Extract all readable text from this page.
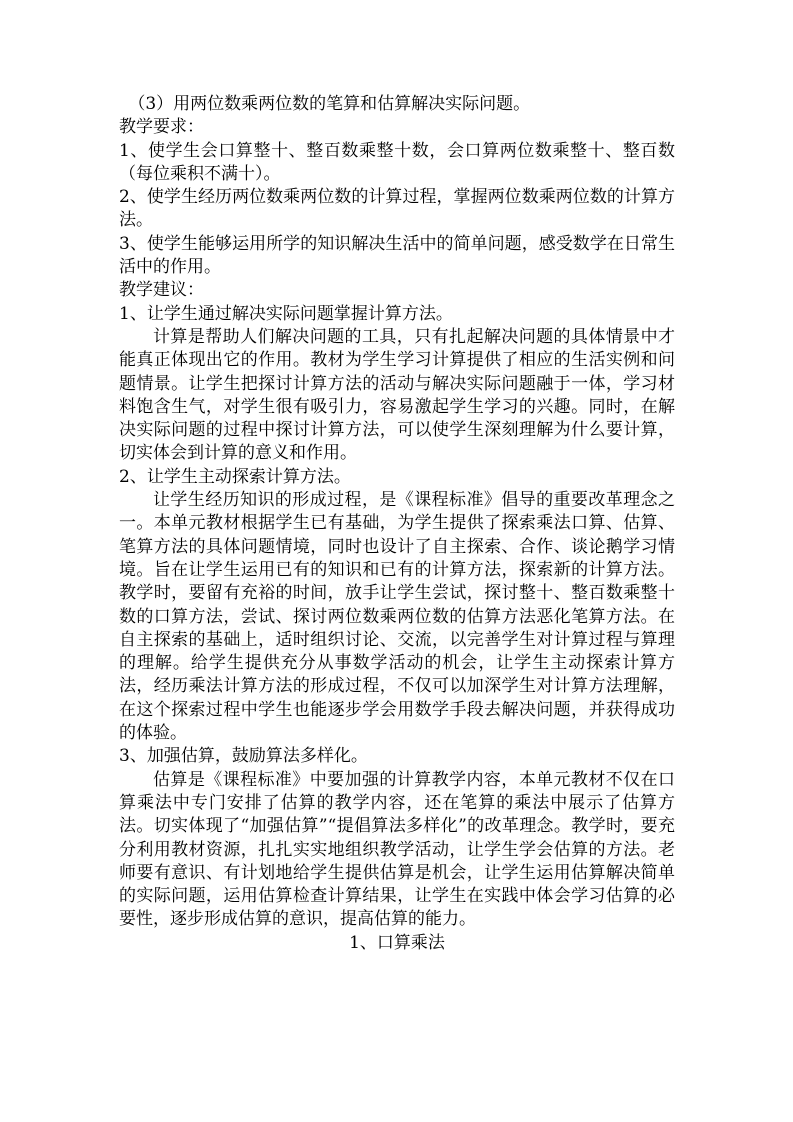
（3）用两位数乘两位数的笔算和估算解决实际问题。

教学要求：

1、使学生会口算整十、整百数乘整十数，会口算两位数乘整十、整百数（每位乘积不满十）。

2、使学生经历两位数乘两位数的计算过程，掌握两位数乘两位数的计算方法。

3、使学生能够运用所学的知识解决生活中的简单问题，感受数学在日常生活中的作用。

教学建议：

1、让学生通过解决实际问题掌握计算方法。

计算是帮助人们解决问题的工具，只有扎起解决问题的具体情景中才能真正体现出它的作用。教材为学生学习计算提供了相应的生活实例和问题情景。让学生把探讨计算方法的活动与解决实际问题融于一体，学习材料饱含生气，对学生很有吸引力，容易激起学生学习的兴趣。同时，在解决实际问题的过程中探讨计算方法，可以使学生深刻理解为什么要计算，切实体会到计算的意义和作用。

2、让学生主动探索计算方法。

让学生经历知识的形成过程，是《课程标准》倡导的重要改革理念之一。本单元教材根据学生已有基础，为学生提供了探索乘法口算、估算、笔算方法的具体问题情境，同时也设计了自主探索、合作、谈论鹅学习情境。旨在让学生运用已有的知识和已有的计算方法，探索新的计算方法。教学时，要留有充裕的时间，放手让学生尝试，探讨整十、整百数乘整十数的口算方法，尝试、探讨两位数乘两位数的估算方法恶化笔算方法。在自主探索的基础上，适时组织讨论、交流，以完善学生对计算过程与算理的理解。给学生提供充分从事数学活动的机会，让学生主动探索计算方法，经历乘法计算方法的形成过程，不仅可以加深学生对计算方法理解，在这个探索过程中学生也能逐步学会用数学手段去解决问题，并获得成功的体验。

3、加强估算，鼓励算法多样化。

估算是《课程标准》中要加强的计算教学内容，本单元教材不仅在口算乘法中专门安排了估算的教学内容，还在笔算的乘法中展示了估算方法。切实体现了“加强估算”“提倡算法多样化”的改革理念。教学时，要充分利用教材资源，扎扎实实地组织教学活动，让学生学会估算的方法。老师要有意识、有计划地给学生提供估算是机会，让学生运用估算解决简单的实际问题，运用估算检查计算结果，让学生在实践中体会学习估算的必要性，逐步形成估算的意识，提高估算的能力。

1、口算乘法
